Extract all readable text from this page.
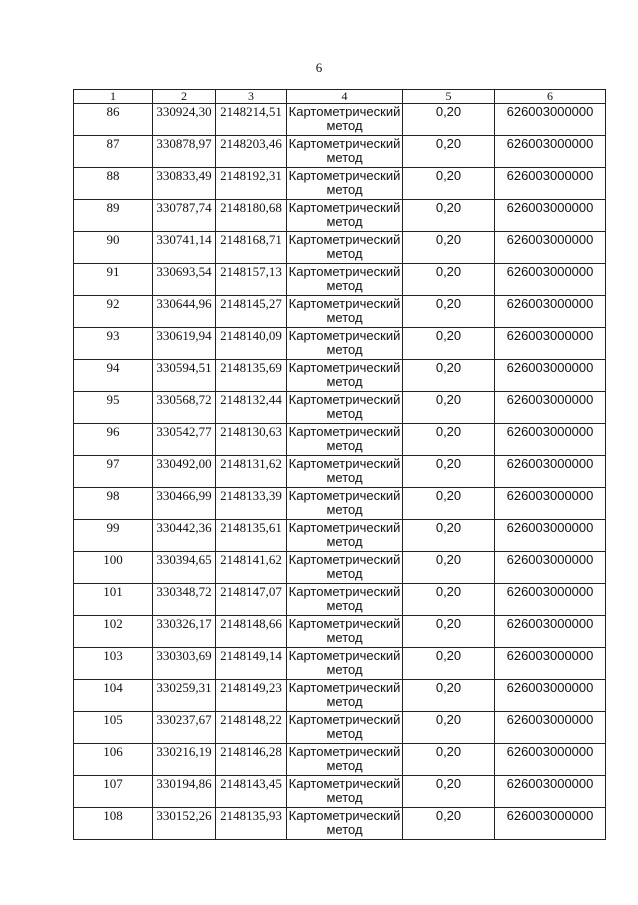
6
1	2	3	4	5	6
86	330924,30	2148214,51	Картометрический
метод	0,20	626003000000
87	330878,97	2148203,46	Картометрический
метод	0,20	626003000000
88	330833,49	2148192,31	Картометрический
метод	0,20	626003000000
89	330787,74	2148180,68	Картометрический
метод	0,20	626003000000
90	330741,14	2148168,71	Картометрический
метод	0,20	626003000000
91	330693,54	2148157,13	Картометрический
метод	0,20	626003000000
92	330644,96	2148145,27	Картометрический
метод	0,20	626003000000
93	330619,94	2148140,09	Картометрический
метод	0,20	626003000000
94	330594,51	2148135,69	Картометрический
метод	0,20	626003000000
95	330568,72	2148132,44	Картометрический
метод	0,20	626003000000
96	330542,77	2148130,63	Картометрический
метод	0,20	626003000000
97	330492,00	2148131,62	Картометрический
метод	0,20	626003000000
98	330466,99	2148133,39	Картометрический
метод	0,20	626003000000
99	330442,36	2148135,61	Картометрический
метод	0,20	626003000000
100	330394,65	2148141,62	Картометрический
метод	0,20	626003000000
101	330348,72	2148147,07	Картометрический
метод	0,20	626003000000
102	330326,17	2148148,66	Картометрический
метод	0,20	626003000000
103	330303,69	2148149,14	Картометрический
метод	0,20	626003000000
104	330259,31	2148149,23	Картометрический
метод	0,20	626003000000
105	330237,67	2148148,22	Картометрический
метод	0,20	626003000000
106	330216,19	2148146,28	Картометрический
метод	0,20	626003000000
107	330194,86	2148143,45	Картометрический
метод	0,20	626003000000
108	330152,26	2148135,93	Картометрический
метод	0,20	626003000000
